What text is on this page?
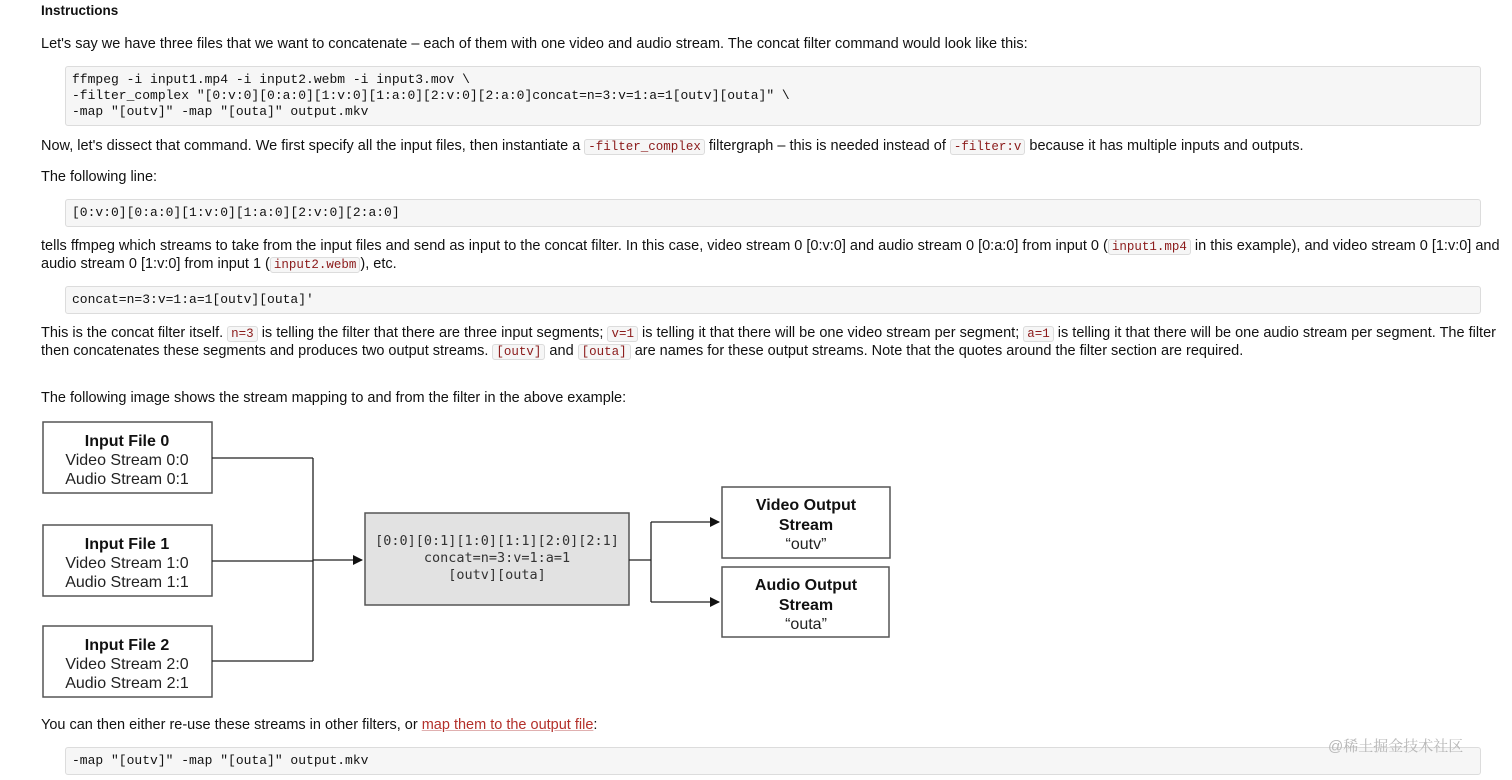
Instructions
Let's say we have three files that we want to concatenate – each of them with one video and audio stream. The concat filter command would look like this:
ffmpeg -i input1.mp4 -i input2.webm -i input3.mov \
-filter_complex "[0:v:0][0:a:0][1:v:0][1:a:0][2:v:0][2:a:0]concat=n=3:v=1:a=1[outv][outa]" \
-map "[outv]" -map "[outa]" output.mkv
Now, let's dissect that command. We first specify all the input files, then instantiate a -filter_complex filtergraph – this is needed instead of -filter:v because it has multiple inputs and outputs.
The following line:
[0:v:0][0:a:0][1:v:0][1:a:0][2:v:0][2:a:0]
tells ffmpeg which streams to take from the input files and send as input to the concat filter. In this case, video stream 0 [0:v:0] and audio stream 0 [0:a:0] from input 0 ( input1.mp4 in this example), and video stream 0 [1:v:0] and audio stream 0 [1:v:0] from input 1 ( input2.webm ), etc.
concat=n=3:v=1:a=1[outv][outa]'
This is the concat filter itself. n=3 is telling the filter that there are three input segments; v=1 is telling it that there will be one video stream per segment; a=1 is telling it that there will be one audio stream per segment. The filter then concatenates these segments and produces two output streams. [outv] and [outa] are names for these output streams. Note that the quotes around the filter section are required.
The following image shows the stream mapping to and from the filter in the above example:
Input File 0
Video Stream 0:0
Audio Stream 0:1
Input File 1
Video Stream 1:0
Audio Stream 1:1
Input File 2
Video Stream 2:0
Audio Stream 2:1
[0:0][0:1][1:0][1:1][2:0][2:1]
concat=n=3:v=1:a=1
[outv][outa]
Video Output
Stream
“outv”
Audio Output
Stream
“outa”
You can then either re-use these streams in other filters, or map them to the output file:
-map "[outv]" -map "[outa]" output.mkv
@稀土掘金技术社区
